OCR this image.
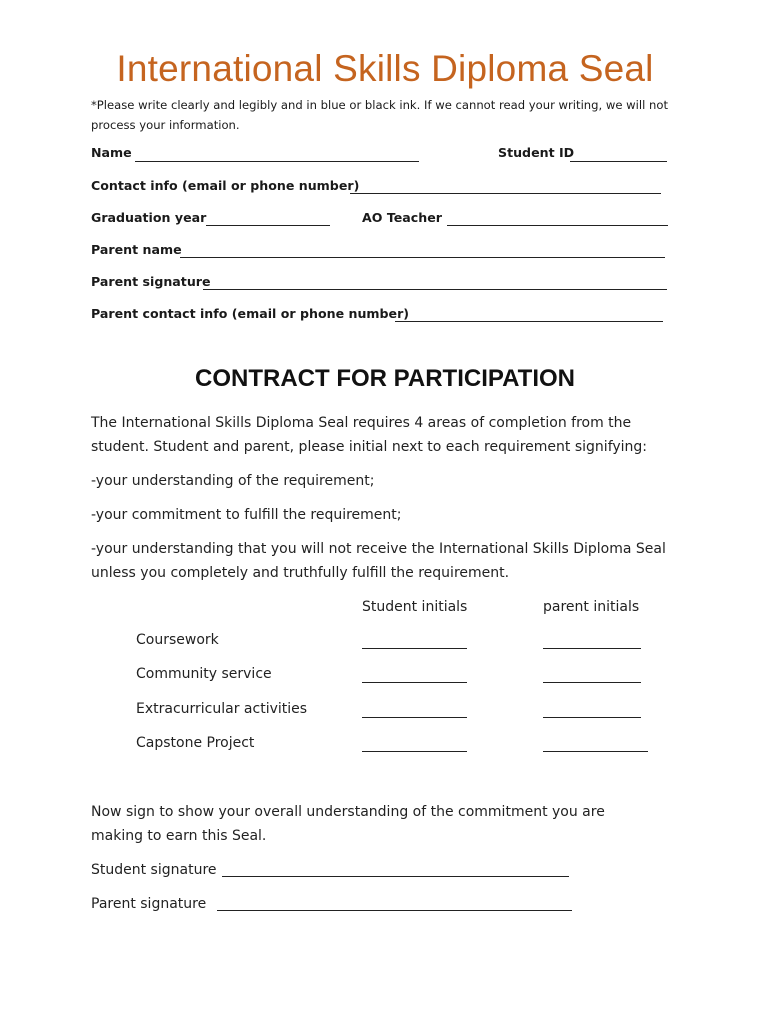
International Skills Diploma Seal
*Please write clearly and legibly and in blue or black ink. If we cannot read your writing, we will not process your information.
Name	Student ID
Contact info (email or phone number)
Graduation year	AO Teacher
Parent name
Parent signature
Parent contact info (email or phone number)
CONTRACT FOR PARTICIPATION
The International Skills Diploma Seal requires 4 areas of completion from the student. Student and parent, please initial next to each requirement signifying:
-your understanding of the requirement;
-your commitment to fulfill the requirement;
-your understanding that you will not receive the International Skills Diploma Seal unless you completely and truthfully fulfill the requirement.
Student initials	parent initials
Coursework
Community service
Extracurricular activities
Capstone Project
Now sign to show your overall understanding of the commitment you are making to earn this Seal.
Student signature
Parent signature
